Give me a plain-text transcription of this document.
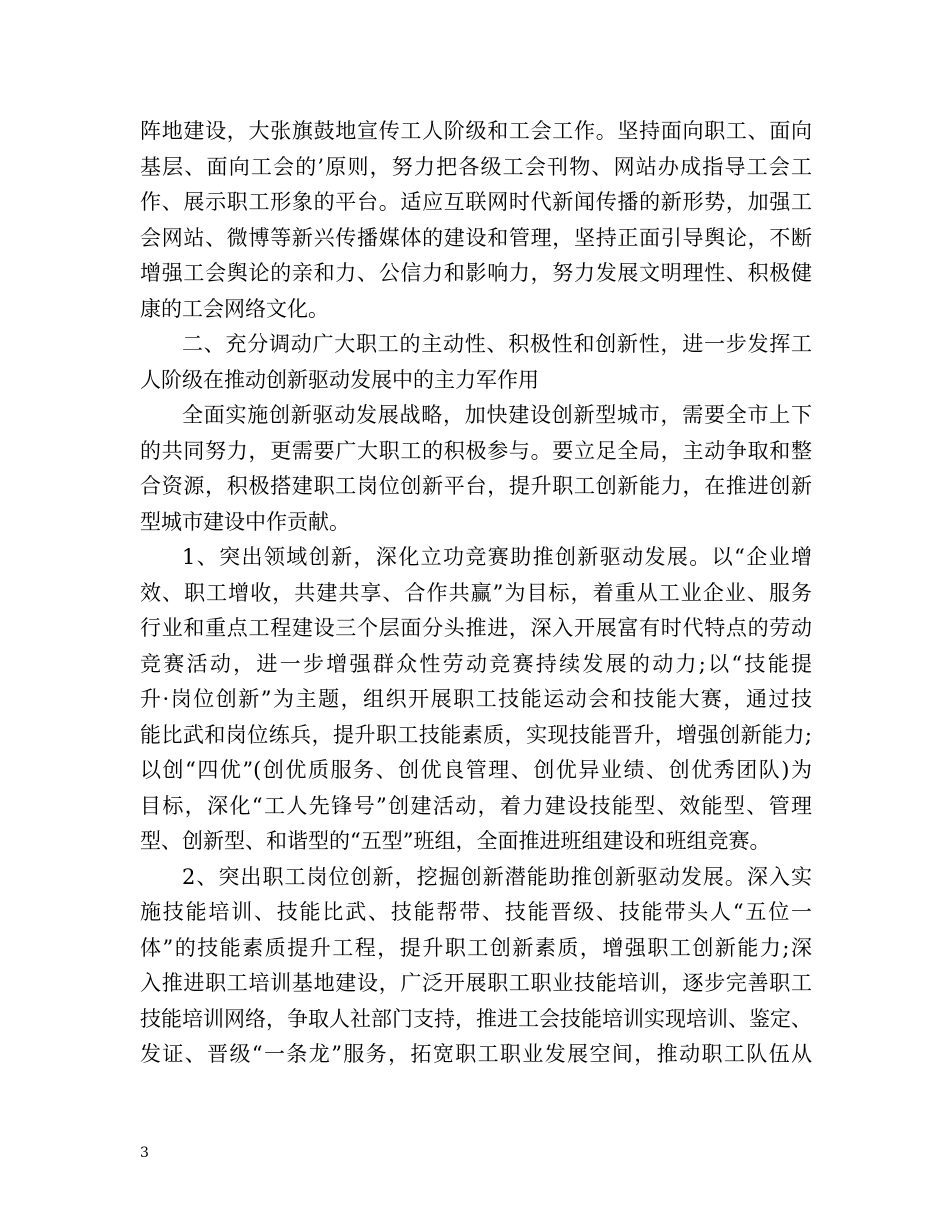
阵地建设，大张旗鼓地宣传工人阶级和工会工作。坚持面向职工、面向
基层、面向工会的’原则，努力把各级工会刊物、网站办成指导工会工
作、展示职工形象的平台。适应互联网时代新闻传播的新形势，加强工
会网站、微博等新兴传播媒体的建设和管理，坚持正面引导舆论，不断
增强工会舆论的亲和力、公信力和影响力，努力发展文明理性、积极健
康的工会网络文化。
二、充分调动广大职工的主动性、积极性和创新性，进一步发挥工
人阶级在推动创新驱动发展中的主力军作用
全面实施创新驱动发展战略，加快建设创新型城市，需要全市上下
的共同努力，更需要广大职工的积极参与。要立足全局，主动争取和整
合资源，积极搭建职工岗位创新平台，提升职工创新能力，在推进创新
型城市建设中作贡献。
1、突出领域创新，深化立功竞赛助推创新驱动发展。以“企业增
效、职工增收，共建共享、合作共赢”为目标，着重从工业企业、服务
行业和重点工程建设三个层面分头推进，深入开展富有时代特点的劳动
竞赛活动，进一步增强群众性劳动竞赛持续发展的动力;以“技能提
升·岗位创新”为主题，组织开展职工技能运动会和技能大赛，通过技
能比武和岗位练兵，提升职工技能素质，实现技能晋升，增强创新能力;
以创“四优”(创优质服务、创优良管理、创优异业绩、创优秀团队)为
目标，深化“工人先锋号”创建活动，着力建设技能型、效能型、管理
型、创新型、和谐型的“五型”班组，全面推进班组建设和班组竞赛。
2、突出职工岗位创新，挖掘创新潜能助推创新驱动发展。深入实
施技能培训、技能比武、技能帮带、技能晋级、技能带头人“五位一
体”的技能素质提升工程，提升职工创新素质，增强职工创新能力;深
入推进职工培训基地建设，广泛开展职工职业技能培训，逐步完善职工
技能培训网络，争取人社部门支持，推进工会技能培训实现培训、鉴定、
发证、晋级“一条龙”服务，拓宽职工职业发展空间，推动职工队伍从
3
